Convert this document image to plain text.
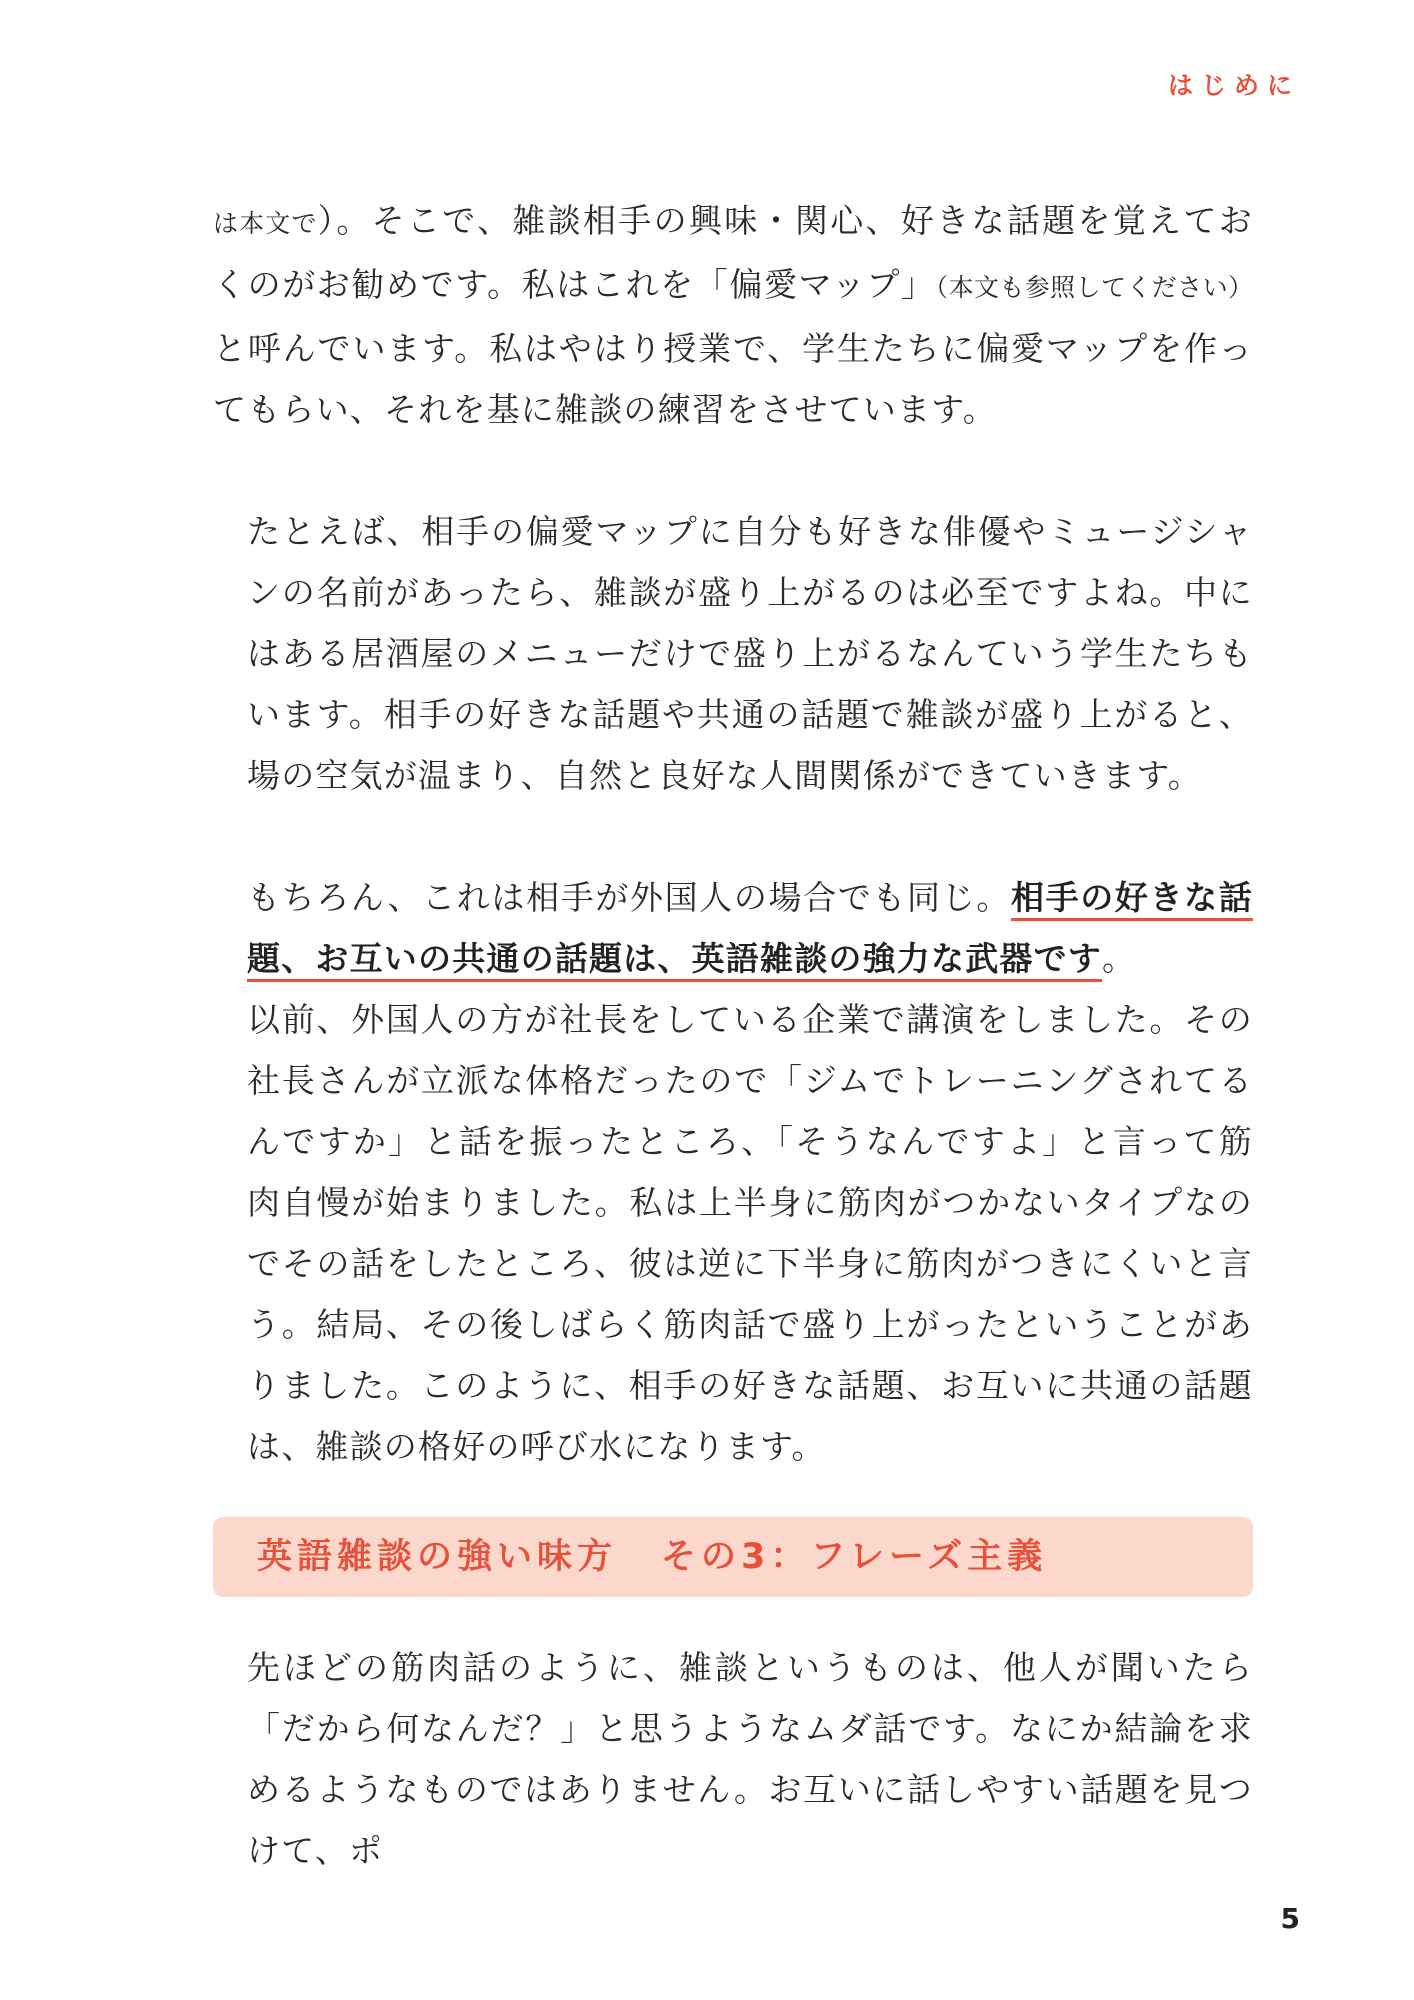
はじめに

は本文で）。そこで、雑談相手の興味・関心、好きな話題を覚えておくのがお勧めです。私はこれを「偏愛マップ」（本文も参照してください）と呼んでいます。私はやはり授業で、学生たちに偏愛マップを作ってもらい、それを基に雑談の練習をさせています。

たとえば、相手の偏愛マップに自分も好きな俳優やミュージシャンの名前があったら、雑談が盛り上がるのは必至ですよね。中にはある居酒屋のメニューだけで盛り上がるなんていう学生たちもいます。相手の好きな話題や共通の話題で雑談が盛り上がると、場の空気が温まり、自然と良好な人間関係ができていきます。

もちろん、これは相手が外国人の場合でも同じ。相手の好きな話題、お互いの共通の話題は、英語雑談の強力な武器です。

以前、外国人の方が社長をしている企業で講演をしました。その社長さんが立派な体格だったので「ジムでトレーニングされてるんですか」と話を振ったところ、「そうなんですよ」と言って筋肉自慢が始まりました。私は上半身に筋肉がつかないタイプなのでその話をしたところ、彼は逆に下半身に筋肉がつきにくいと言う。結局、その後しばらく筋肉話で盛り上がったということがありました。このように、相手の好きな話題、お互いに共通の話題は、雑談の格好の呼び水になります。

英語雑談の強い味方 その3：フレーズ主義

先ほどの筋肉話のように、雑談というものは、他人が聞いたら「だから何なんだ？」と思うようなムダ話です。なにか結論を求めるようなものではありません。お互いに話しやすい話題を見つけて、ポ

5
